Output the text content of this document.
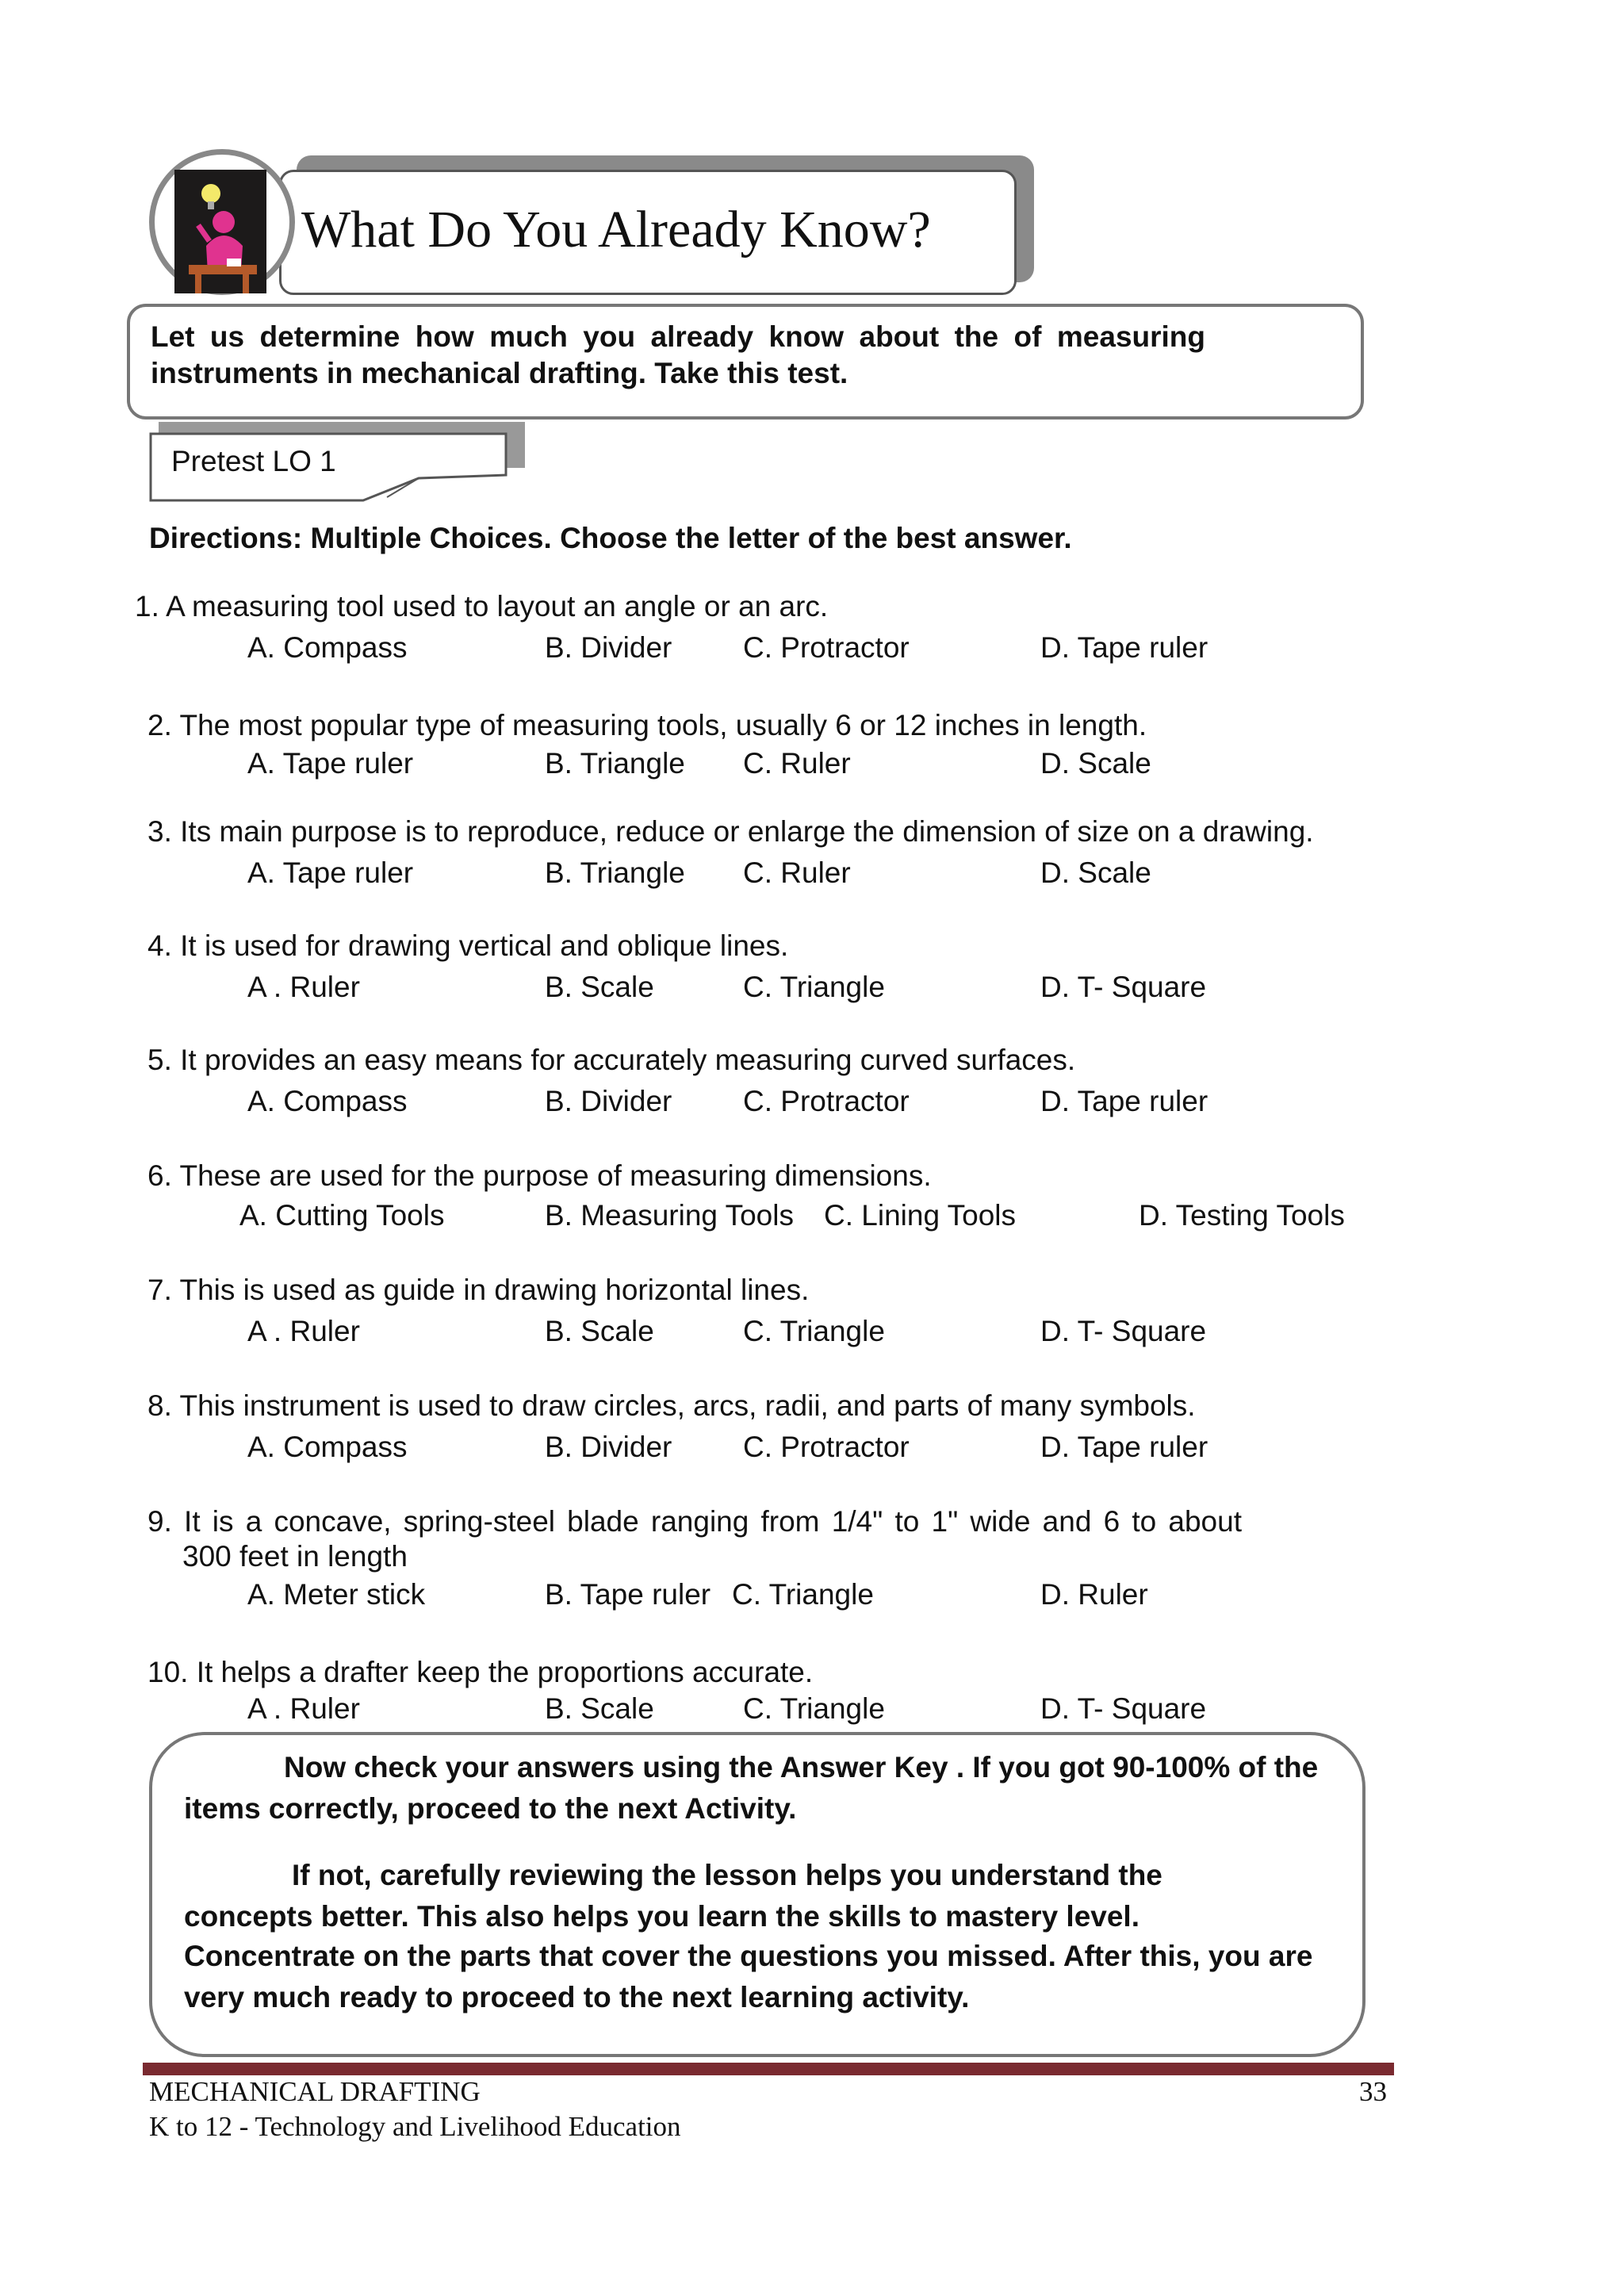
What Do You Already Know?
Let us determine how much you already know about the of measuring
instruments in mechanical drafting. Take this test.
Pretest LO 1
Directions: Multiple Choices. Choose the letter of the best answer.
1. A measuring tool used to layout an angle or an arc.
A. Compass	B. Divider C. Protractor	D. Tape ruler
2. The most popular type of measuring tools, usually 6 or 12 inches in length.
A. Tape ruler	B. Triangle C. Ruler	D. Scale
3. Its main purpose is to reproduce, reduce or enlarge the dimension of size on a drawing.
A. Tape ruler	B. Triangle C. Ruler	D. Scale
4. It is used for drawing vertical and oblique lines.
A . Ruler	B. Scale	C. Triangle	D. T- Square
5. It provides an easy means for accurately measuring curved surfaces.
A. Compass	B. Divider C. Protractor	D. Tape ruler
6. These are used for the purpose of measuring dimensions.
A. Cutting Tools	B. Measuring Tools C. Lining Tools	D. Testing Tools
7. This is used as guide in drawing horizontal lines.
A . Ruler	B. Scale	C. Triangle	D. T- Square
8. This instrument is used to draw circles, arcs, radii, and parts of many symbols.
A. Compass	B. Divider C. Protractor	D. Tape ruler
9. It is a concave, spring-steel blade ranging from 1/4" to 1" wide and 6 to about
300 feet in length
A. Meter stick	B. Tape ruler C. Triangle	D. Ruler
10. It helps a drafter keep the proportions accurate.
A . Ruler	B. Scale	C. Triangle	D. T- Square
Now check your answers using the Answer Key . If you got 90-100% of the
items correctly, proceed to the next Activity.
If not, carefully reviewing the lesson helps you understand the
concepts better. This also helps you learn the skills to mastery level.
Concentrate on the parts that cover the questions you missed. After this, you are
very much ready to proceed to the next learning activity.
MECHANICAL DRAFTING
K to 12 - Technology and Livelihood Education
33
